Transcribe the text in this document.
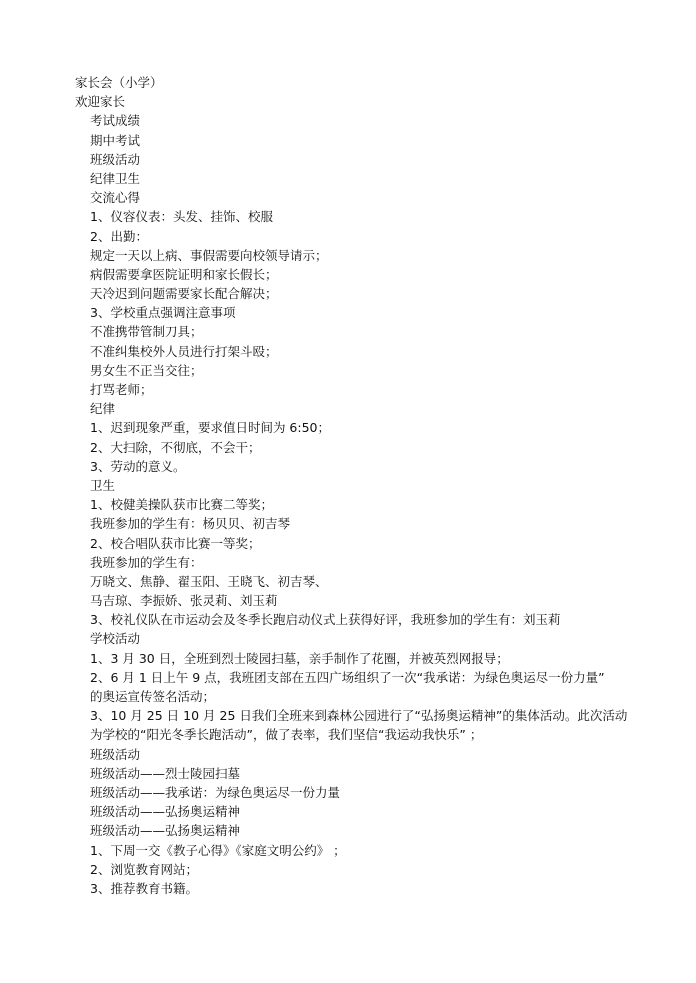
家长会（小学）
欢迎家长
考试成绩
期中考试
班级活动
纪律卫生
交流心得
1、仪容仪表：头发、挂饰、校服
2、出勤：
规定一天以上病、事假需要向校领导请示；
病假需要拿医院证明和家长假长；
天冷迟到问题需要家长配合解决；
3、学校重点强调注意事项
不准携带管制刀具；
不准纠集校外人员进行打架斗殴；
男女生不正当交往；
打骂老师；
纪律
1、迟到现象严重，要求值日时间为 6:50；
2、大扫除，不彻底，不会干；
3、劳动的意义。
卫生
1、校健美操队获市比赛二等奖；
我班参加的学生有：杨贝贝、初吉琴
2、校合唱队获市比赛一等奖；
我班参加的学生有：
万晓文、焦静、翟玉阳、王晓飞、初吉琴、
马吉琼、李振娇、张灵莉、刘玉莉
3、校礼仪队在市运动会及冬季长跑启动仪式上获得好评，我班参加的学生有：刘玉莉
学校活动
1、3 月 30 日，全班到烈士陵园扫墓，亲手制作了花圈，并被英烈网报导；
2、6 月 1 日上午 9 点，我班团支部在五四广场组织了一次“我承诺：为绿色奥运尽一份力量”
的奥运宣传签名活动；
3、10 月 25 日 10 月 25 日我们全班来到森林公园进行了“弘扬奥运精神”的集体活动。此次活动
为学校的“阳光冬季长跑活动”，做了表率，我们坚信“我运动我快乐” ；
班级活动
班级活动——烈士陵园扫墓
班级活动——我承诺：为绿色奥运尽一份力量
班级活动——弘扬奥运精神
班级活动——弘扬奥运精神
1、下周一交《教子心得》《家庭文明公约》 ；
2、浏览教育网站；
3、推荐教育书籍。
